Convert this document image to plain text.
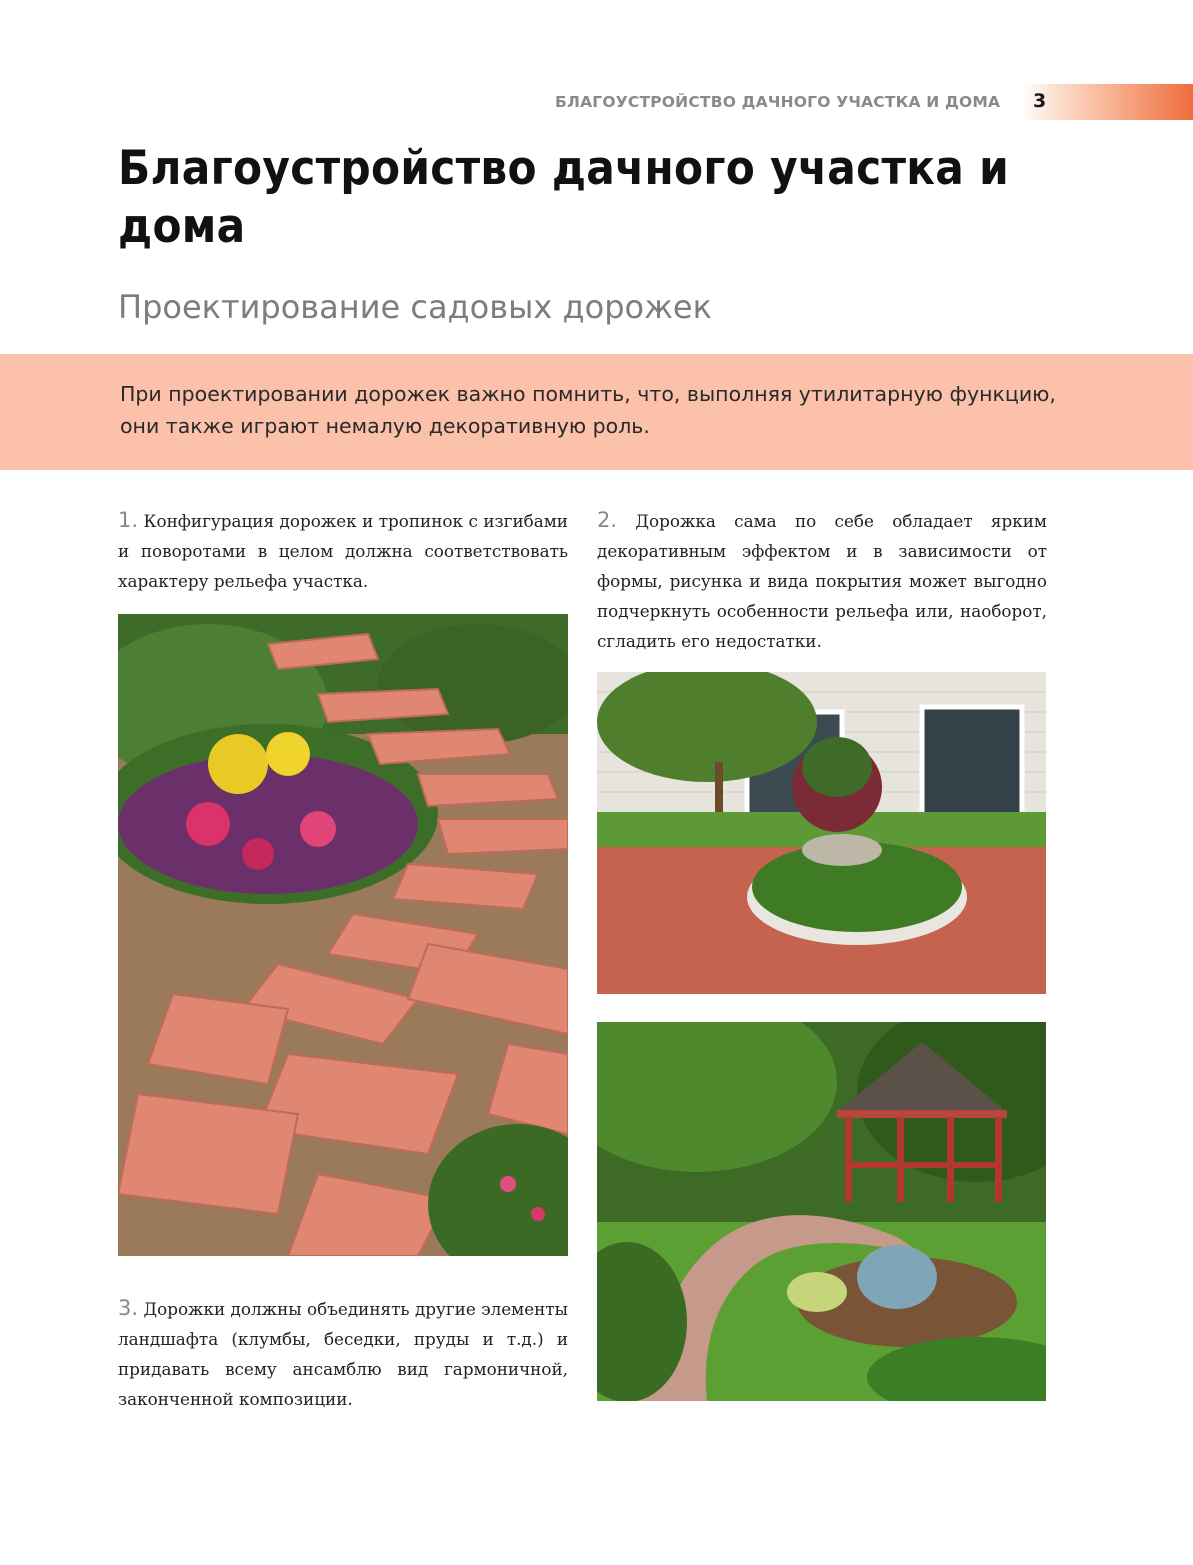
БЛАГОУСТРОЙСТВО ДАЧНОГО УЧАСТКА И ДОМА 3
Благоустройство дачного участка и дома
Проектирование садовых дорожек

При проектировании дорожек важно помнить, что, выполняя утилитарную функцию, они также играют немалую декоративную роль.

1. Конфигурация дорожек и тропинок с изгибами и поворотами в целом должна соответствовать характеру рельефа участка.

2. Дорожка сама по себе обладает ярким декоративным эффектом и в зависимости от формы, рисунка и вида покрытия может выгодно подчеркнуть особенности рельефа или, наоборот, сгладить его недостатки.

3. Дорожки должны объединять другие элементы ландшафта (клумбы, беседки, пруды и т.д.) и придавать всему ансамблю вид гармоничной, законченной композиции.
